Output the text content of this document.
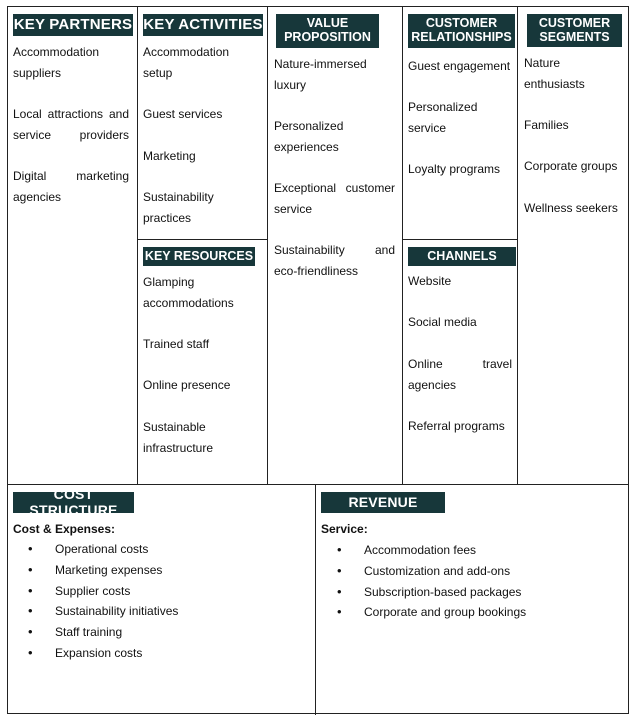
KEY PARTNERS
Accommodation
suppliers
Local attractions and
service providers
Digital marketing
agencies
KEY ACTIVITIES
Accommodation
setup
Guest services
Marketing
Sustainability
practices
KEY RESOURCES
Glamping
accommodations
Trained staff
Online presence
Sustainable
infrastructure
VALUE
PROPOSITION
Nature-immersed
luxury
Personalized
experiences
Exceptional customer
service
Sustainability and
eco-friendliness
CUSTOMER
RELATIONSHIPS
Guest engagement
Personalized
service
Loyalty programs
CHANNELS
Website
Social media
Online travel
agencies
Referral programs
CUSTOMER
SEGMENTS
Nature
enthusiasts
Families
Corporate groups
Wellness seekers
COST STRUCTURE
Cost & Expenses:
• Operational costs
• Marketing expenses
• Supplier costs
• Sustainability initiatives
• Staff training
• Expansion costs
REVENUE
Service:
• Accommodation fees
• Customization and add-ons
• Subscription-based packages
• Corporate and group bookings
